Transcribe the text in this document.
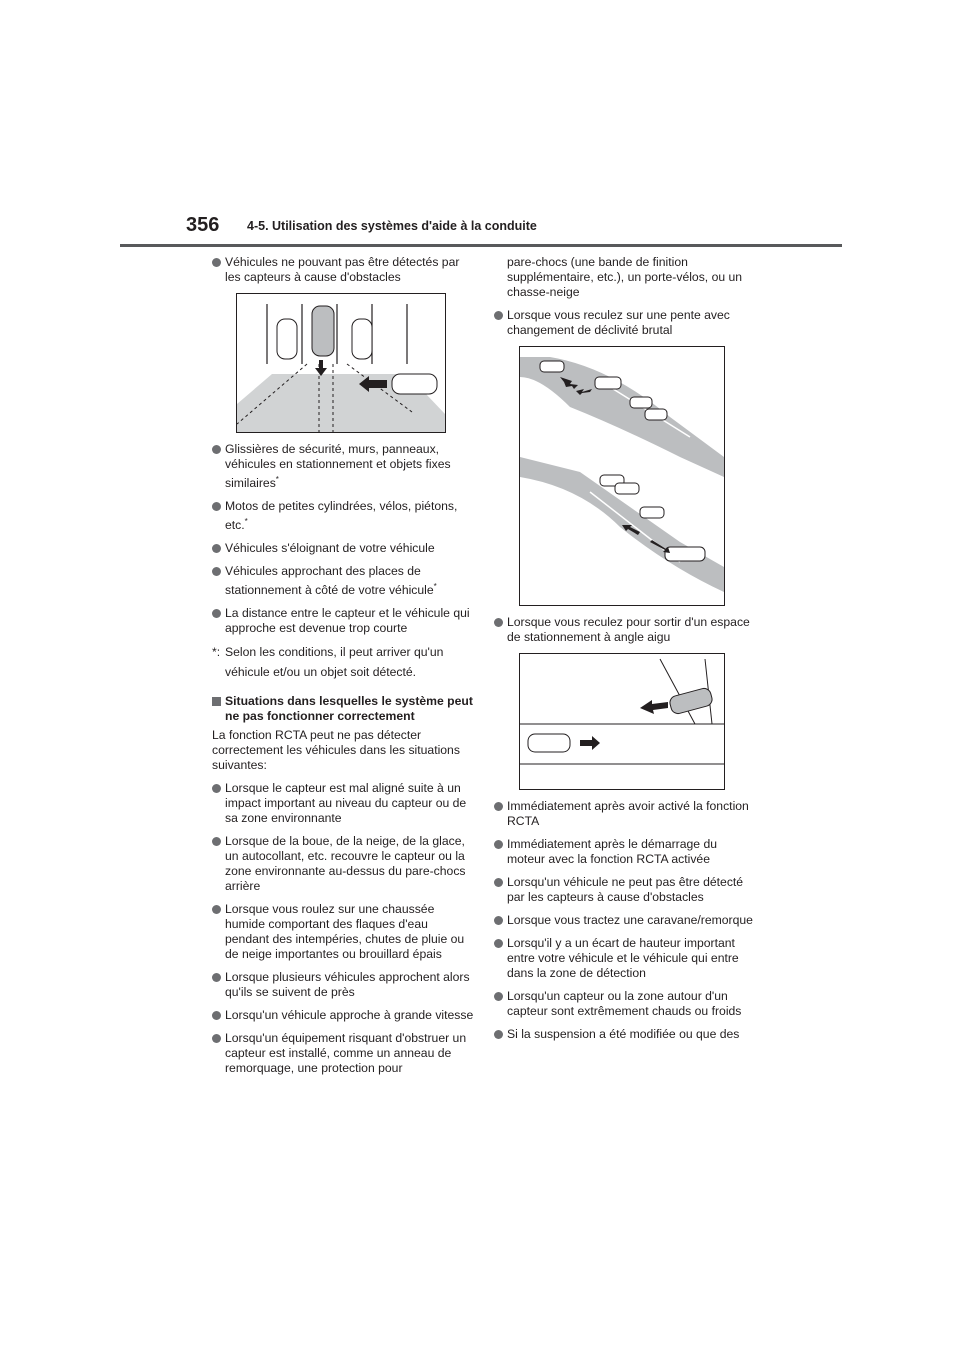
356 4-5. Utilisation des systèmes d'aide à la conduite
Véhicules ne pouvant pas être détectés par les capteurs à cause d'obstacles
Glissières de sécurité, murs, panneaux, véhicules en stationnement et objets fixes similaires*
Motos de petites cylindrées, vélos, piétons, etc.*
Véhicules s'éloignant de votre véhicule
Véhicules approchant des places de stationnement à côté de votre véhicule*
La distance entre le capteur et le véhicule qui approche est devenue trop courte
*: Selon les conditions, il peut arriver qu'un véhicule et/ou un objet soit détecté.
Situations dans lesquelles le système peut ne pas fonctionner correctement
La fonction RCTA peut ne pas détecter correctement les véhicules dans les situations suivantes:
Lorsque le capteur est mal aligné suite à un impact important au niveau du capteur ou de sa zone environnante
Lorsque de la boue, de la neige, de la glace, un autocollant, etc. recouvre le capteur ou la zone environnante au-dessus du pare-chocs arrière
Lorsque vous roulez sur une chaussée humide comportant des flaques d'eau pendant des intempéries, chutes de pluie ou de neige importantes ou brouillard épais
Lorsque plusieurs véhicules approchent alors qu'ils se suivent de près
Lorsqu'un véhicule approche à grande vitesse
Lorsqu'un équipement risquant d'obstruer un capteur est installé, comme un anneau de remorquage, une protection pour
pare-chocs (une bande de finition supplémentaire, etc.), un porte-vélos, ou un chasse-neige
Lorsque vous reculez sur une pente avec changement de déclivité brutal
Lorsque vous reculez pour sortir d'un espace de stationnement à angle aigu
Immédiatement après avoir activé la fonction RCTA
Immédiatement après le démarrage du moteur avec la fonction RCTA activée
Lorsqu'un véhicule ne peut pas être détecté par les capteurs à cause d'obstacles
Lorsque vous tractez une caravane/remorque
Lorsqu'il y a un écart de hauteur important entre votre véhicule et le véhicule qui entre dans la zone de détection
Lorsqu'un capteur ou la zone autour d'un capteur sont extrêmement chauds ou froids
Si la suspension a été modifiée ou que des
